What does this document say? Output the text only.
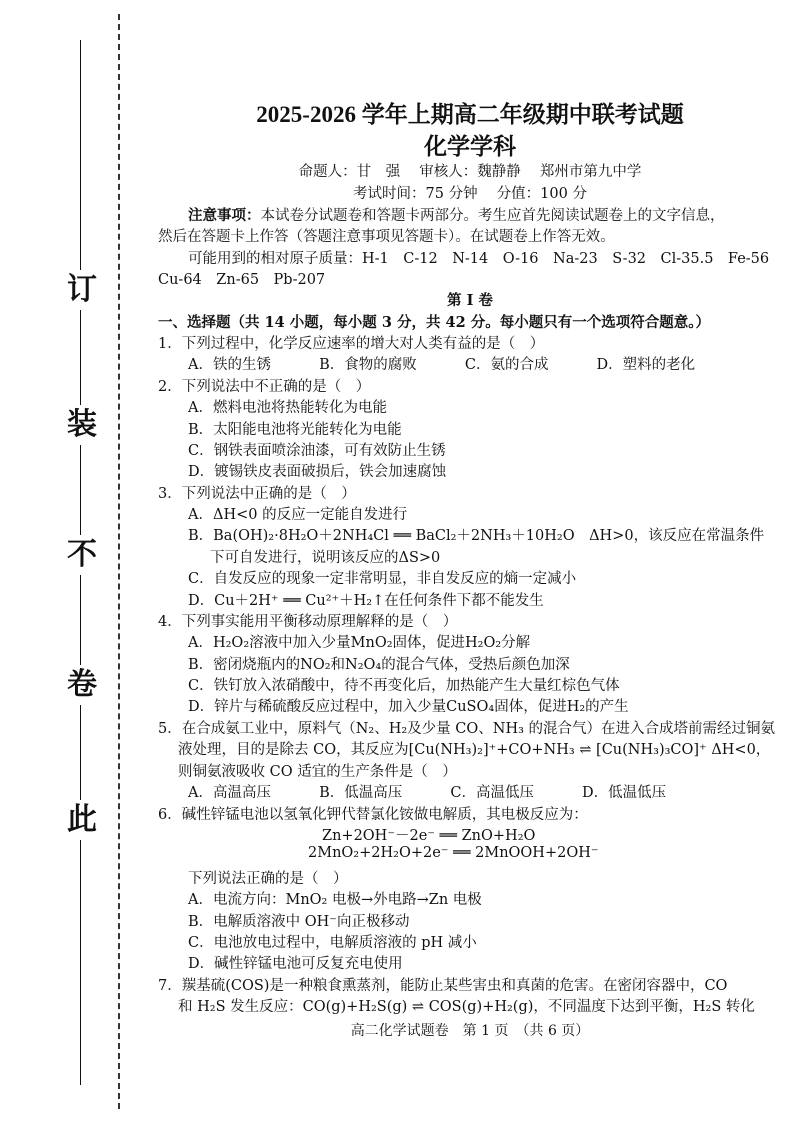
订
装
不
卷
此
2025-2026 学年上期高二年级期中联考试题
化学学科
命题人：甘　强　 审核人：魏静静　 郑州市第九中学
考试时间：75 分钟　 分值：100 分
注意事项：本试卷分试题卷和答题卡两部分。考生应首先阅读试题卷上的文字信息，
然后在答题卡上作答（答题注意事项见答题卡）。在试题卷上作答无效。
可能用到的相对原子质量：H-1　C-12　N-14　O-16　Na-23　S-32　Cl-35.5　Fe-56
Cu-64　Zn-65　Pb-207
第 I 卷
一、选择题（共 14 小题，每小题 3 分，共 42 分。每小题只有一个选项符合题意。）
1．下列过程中，化学反应速率的增大对人类有益的是（　）
A．铁的生锈　　　 B．食物的腐败　　　 C．氨的合成　　　 D．塑料的老化
2．下列说法中不正确的是（　）
A．燃料电池将热能转化为电能
B．太阳能电池将光能转化为电能
C．钢铁表面喷涂油漆，可有效防止生锈
D．镀锡铁皮表面破损后，铁会加速腐蚀
3．下列说法中正确的是（　）
A．ΔH<0 的反应一定能自发进行
B．Ba(OH)₂·8H₂O＋2NH₄Cl ══ BaCl₂＋2NH₃＋10H₂O　ΔH>0，该反应在常温条件
下可自发进行，说明该反应的ΔS>0
C．自发反应的现象一定非常明显，非自发反应的熵一定减小
D．Cu＋2H⁺ ══ Cu²⁺＋H₂↑在任何条件下都不能发生
4．下列事实能用平衡移动原理解释的是（　）
A．H₂O₂溶液中加入少量MnO₂固体，促进H₂O₂分解
B．密闭烧瓶内的NO₂和N₂O₄的混合气体，受热后颜色加深
C．铁钉放入浓硝酸中，待不再变化后，加热能产生大量红棕色气体
D．锌片与稀硫酸反应过程中，加入少量CuSO₄固体，促进H₂的产生
5．在合成氨工业中，原料气（N₂、H₂及少量 CO、NH₃ 的混合气）在进入合成塔前需经过铜氨
液处理，目的是除去 CO，其反应为[Cu(NH₃)₂]⁺+CO+NH₃ ⇌ [Cu(NH₃)₃CO]⁺ ΔH<0，
则铜氨液吸收 CO 适宜的生产条件是（　）
A．高温高压　　　 B．低温高压　　　 C．高温低压　　　 D．低温低压
6．碱性锌锰电池以氢氧化钾代替氯化铵做电解质，其电极反应为：
Zn+2OH⁻－2e⁻ ══ ZnO+H₂O
2MnO₂+2H₂O+2e⁻ ══ 2MnOOH+2OH⁻
下列说法正确的是（　）
A．电流方向：MnO₂ 电极→外电路→Zn 电极
B．电解质溶液中 OH⁻向正极移动
C．电池放电过程中，电解质溶液的 pH 减小
D．碱性锌锰电池可反复充电使用
7．羰基硫(COS)是一种粮食熏蒸剂，能防止某些害虫和真菌的危害。在密闭容器中，CO
和 H₂S 发生反应：CO(g)+H₂S(g) ⇌ COS(g)+H₂(g)，不同温度下达到平衡，H₂S 转化
高二化学试题卷　第 1 页　（共 6 页）
